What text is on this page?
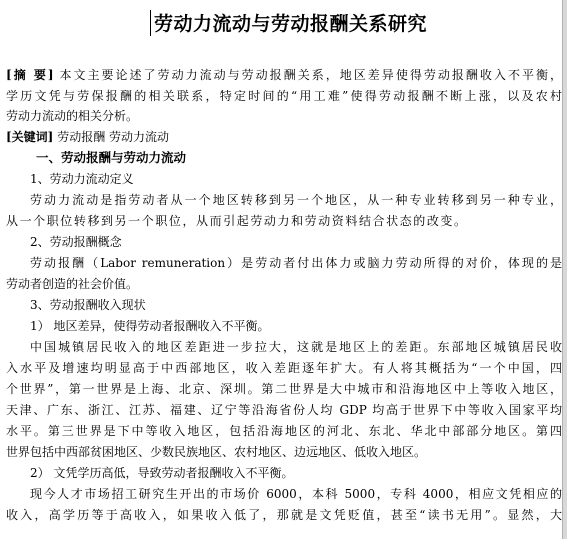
劳动力流动与劳动报酬关系研究
[摘 要] 本文主要论述了劳动力流动与劳动报酬关系，地区差异使得劳动报酬收入不平衡，
学历文凭与劳保报酬的相关联系，特定时间的“用工难”使得劳动报酬不断上涨，以及农村
劳动力流动的相关分析。
[关键词] 劳动报酬 劳动力流动
一、劳动报酬与劳动力流动
1、劳动力流动定义
劳动力流动是指劳动者从一个地区转移到另一个地区，从一种专业转移到另一种专业，
从一个职位转移到另一个职位，从而引起劳动力和劳动资料结合状态的改变。
2、劳动报酬概念
劳动报酬（Labor remuneration）是劳动者付出体力或脑力劳动所得的对价，体现的是
劳动者创造的社会价值。
3、劳动报酬收入现状
1） 地区差异，使得劳动者报酬收入不平衡。
中国城镇居民收入的地区差距进一步拉大，这就是地区上的差距。东部地区城镇居民收
入水平及增速均明显高于中西部地区，收入差距逐年扩大。有人将其概括为“一个中国，四
个世界”，第一世界是上海、北京、深圳。第二世界是大中城市和沿海地区中上等收入地区，
天津、广东、浙江、江苏、福建、辽宁等沿海省份人均 GDP 均高于世界下中等收入国家平均
水平。第三世界是下中等收入地区，包括沿海地区的河北、东北、华北中部部分地区。第四
世界包括中西部贫困地区、少数民族地区、农村地区、边远地区、低收入地区。
2） 文凭学历高低，导致劳动者报酬收入不平衡。
现今人才市场招工研究生开出的市场价 6000，本科 5000，专科 4000，相应文凭相应的
收入，高学历等于高收入，如果收入低了，那就是文凭贬值，甚至“读书无用”。显然，大
